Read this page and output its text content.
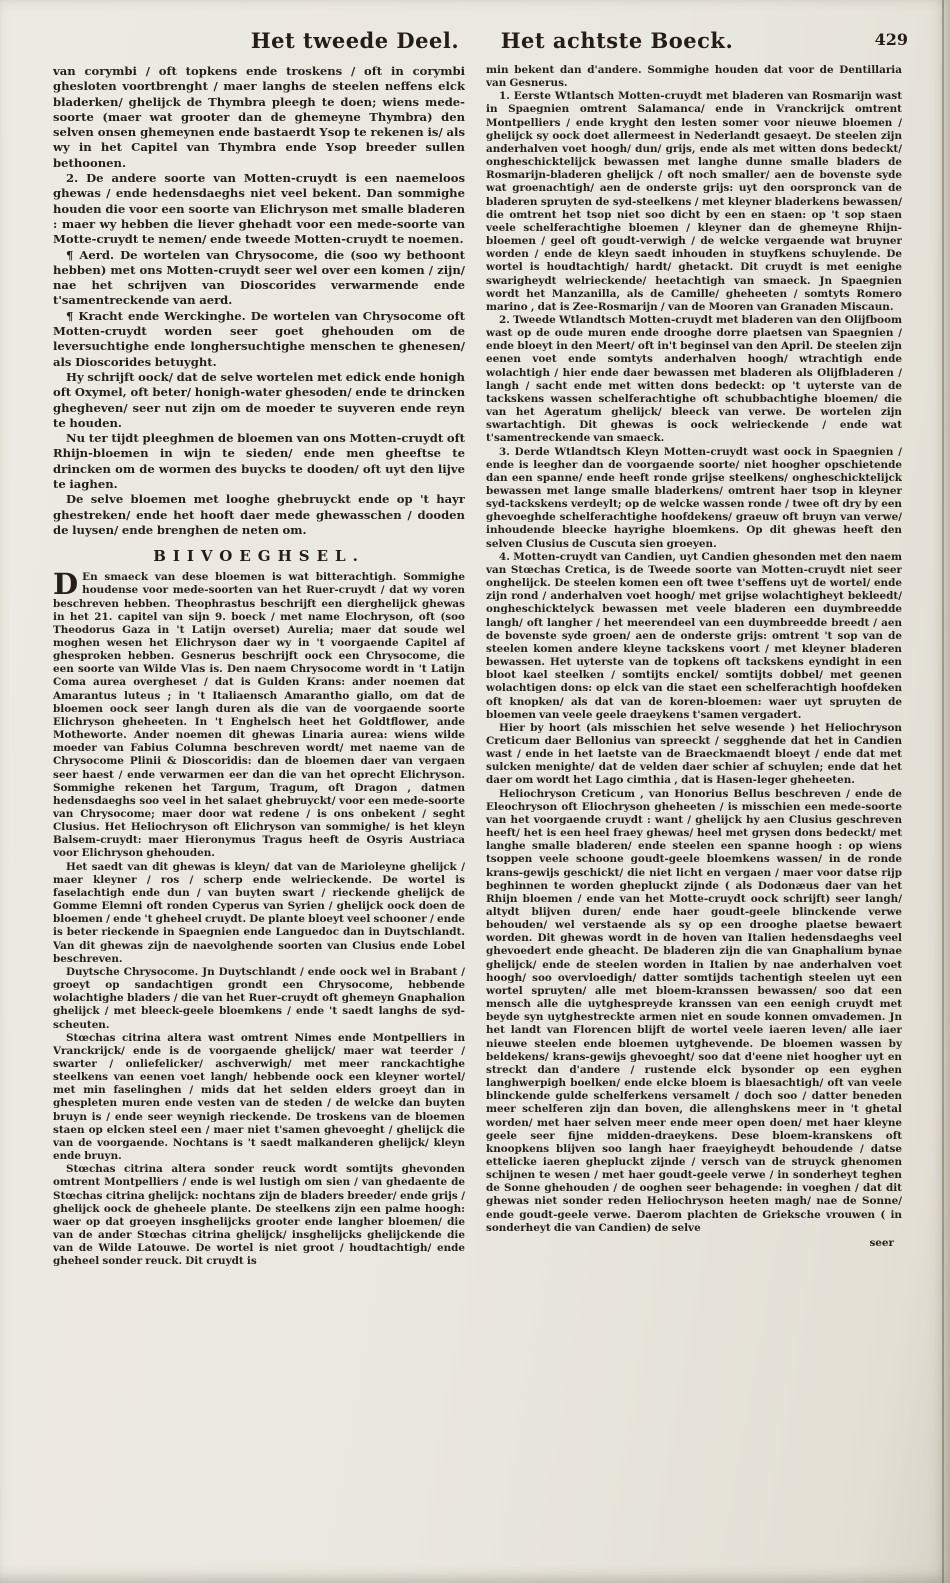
Het tweede Deel.	Het achtste Boeck.	429

van corymbi / oft topkens ende troskens / oft in corymbi ghesloten voortbrenght / maer langhs de steelen neffens elck bladerken/ ghelijck de Thymbra pleegh te doen; wiens mede-soorte (maer wat grooter dan de ghemeyne Thymbra) den selven onsen ghemeynen ende bastaerdt Ysop te rekenen is/ als wy in het Capitel van Thymbra ende Ysop breeder sullen bethoonen.

2. De andere soorte van Motten-cruydt is een naemeloos ghewas / ende hedensdaeghs niet veel bekent. Dan sommighe houden die voor een soorte van Elichryson met smalle bladeren : maer wy hebben die liever ghehadt voor een mede-soorte van Motte-cruydt te nemen/ ende tweede Motten-cruydt te noemen.

¶ Aerd. De wortelen van Chrysocome, die (soo wy bethoont hebben) met ons Motten-cruydt seer wel over een komen / zijn/ nae het schrijven van Dioscorides verwarmende ende t'samentreckende van aerd.

¶ Kracht ende Werckinghe. De wortelen van Chrysocome oft Motten-cruydt worden seer goet ghehouden om de leversuchtighe ende longhersuchtighe menschen te ghenesen/ als Dioscorides betuyght.

Hy schrijft oock/ dat de selve wortelen met edick ende honigh oft Oxymel, oft beter/ honigh-water ghesoden/ ende te drincken ghegheven/ seer nut zijn om de moeder te suyveren ende reyn te houden.

Nu ter tijdt pleeghmen de bloemen van ons Motten-cruydt oft Rhijn-bloemen in wijn te sieden/ ende men gheeftse te drincken om de wormen des buycks te dooden/ oft uyt den lijve te iaghen.

De selve bloemen met looghe ghebruyckt ende op 't hayr ghestreken/ ende het hooft daer mede ghewasschen / dooden de luysen/ ende brenghen de neten om.

BIIVOEGHSEL.

D En smaeck van dese bloemen is wat bitterachtigh. Sommighe houdense voor mede-soorten van het Ruer-cruydt / dat wy voren beschreven hebben. Theophrastus beschrijft een dierghelijck ghewas in het 21. capitel van sijn 9. boeck / met name Elochryson, oft (soo Theodorus Gaza in 't Latijn overset) Aurelia; maer dat soude wel moghen wesen het Elichryson daer wy in 't voorgaende Capitel af ghesproken hebben. Gesnerus beschrijft oock een Chrysocome, die een soorte van Wilde Vlas is. Den naem Chrysocome wordt in 't Latijn Coma aurea overgheset / dat is Gulden Krans: ander noemen dat Amarantus luteus ; in 't Italiaensch Amarantho giallo, om dat de bloemen oock seer langh duren als die van de voorgaende soorte Elichryson gheheeten. In 't Enghelsch heet het Goldtflower, ande Motheworte. Ander noemen dit ghewas Linaria aurea: wiens wilde moeder van Fabius Columna beschreven wordt/ met naeme van de Chrysocome Plinii & Dioscoridis: dan de bloemen daer van vergaen seer haest / ende verwarmen eer dan die van het oprecht Elichryson. Sommighe rekenen het Targum, Tragum, oft Dragon , datmen hedensdaeghs soo veel in het salaet ghebruyckt/ voor een mede-soorte van Chrysocome; maer door wat redene / is ons onbekent / seght Clusius. Het Heliochryson oft Elichryson van sommighe/ is het kleyn Balsem-cruydt: maer Hieronymus Tragus heeft de Osyris Austriaca voor Elichryson ghehouden.

Het saedt van dit ghewas is kleyn/ dat van de Marioleyne ghelijck / maer kleyner / ros / scherp ende welrieckende. De wortel is faselachtigh ende dun / van buyten swart / rieckende ghelijck de Gomme Elemni oft ronden Cyperus van Syrien / ghelijck oock doen de bloemen / ende 't gheheel cruydt. De plante bloeyt veel schooner / ende is beter rieckende in Spaegnien ende Languedoc dan in Duytschlandt. Van dit ghewas zijn de naevolghende soorten van Clusius ende Lobel beschreven.

Duytsche Chrysocome. Jn Duytschlandt / ende oock wel in Brabant / groeyt op sandachtigen grondt een Chrysocome, hebbende wolachtighe bladers / die van het Ruer-cruydt oft ghemeyn Gnaphalion ghelijck / met bleeck-geele bloemkens / ende 't saedt langhs de syd-scheuten.

Stœchas citrina altera wast omtrent Nimes ende Montpelliers in Vranckrijck/ ende is de voorgaende ghelijck/ maer wat teerder / swarter / onliefelicker/ aschverwigh/ met meer ranckachtighe steelkens van eenen voet langh/ hebbende oock een kleyner wortel/ met min faselinghen / mids dat het selden elders groeyt dan in ghespleten muren ende vesten van de steden / de welcke dan buyten bruyn is / ende seer weynigh rieckende. De troskens van de bloemen staen op elcken steel een / maer niet t'samen ghevoeght / ghelijck die van de voorgaende. Nochtans is 't saedt malkanderen ghelijck/ kleyn ende bruyn.

Stœchas citrina altera sonder reuck wordt somtijts ghevonden omtrent Montpelliers / ende is wel lustigh om sien / van ghedaente de Stœchas citrina ghelijck: nochtans zijn de bladers breeder/ ende grijs / ghelijck oock de gheheele plante. De steelkens zijn een palme hoogh: waer op dat groeyen insghelijcks grooter ende langher bloemen/ die van de ander Stœchas citrina ghelijck/ insghelijcks ghelijckende die van de Wilde Latouwe. De wortel is niet groot / houdtachtigh/ ende gheheel sonder reuck. Dit cruydt is

min bekent dan d'andere. Sommighe houden dat voor de Dentillaria van Gesnerus.

1. Eerste Wtlantsch Motten-cruydt met bladeren van Rosmarijn wast in Spaegnien omtrent Salamanca/ ende in Vranckrijck omtrent Montpelliers / ende kryght den lesten somer voor nieuwe bloemen / ghelijck sy oock doet allermeest in Nederlandt gesaeyt. De steelen zijn anderhalven voet hoogh/ dun/ grijs, ende als met witten dons bedeckt/ ongheschicktelijck bewassen met langhe dunne smalle bladers de Rosmarijn-bladeren ghelijck / oft noch smaller/ aen de bovenste syde wat groenachtigh/ aen de onderste grijs: uyt den oorspronck van de bladeren spruyten de syd-steelkens / met kleyner bladerkens bewassen/ die omtrent het tsop niet soo dicht by een en staen: op 't sop staen veele schelferachtighe bloemen / kleyner dan de ghemeyne Rhijn-bloemen / geel oft goudt-verwigh / de welcke vergaende wat bruyner worden / ende de kleyn saedt inhouden in stuyfkens schuylende. De wortel is houdtachtigh/ hardt/ ghetackt. Dit cruydt is met eenighe swarigheydt welrieckende/ heetachtigh van smaeck. Jn Spaegnien wordt het Manzanilla, als de Camille/ gheheeten / somtyts Romero marino , dat is Zee-Rosmarijn / van de Mooren van Granaden Miscaun.

2. Tweede Wtlandtsch Motten-cruydt met bladeren van den Olijfboom wast op de oude muren ende drooghe dorre plaetsen van Spaegnien / ende bloeyt in den Meert/ oft in't beginsel van den April. De steelen zijn eenen voet ende somtyts anderhalven hoogh/ wtrachtigh ende wolachtigh / hier ende daer bewassen met bladeren als Olijfbladeren / langh / sacht ende met witten dons bedeckt: op 't uyterste van de tackskens wassen schelferachtighe oft schubbachtighe bloemen/ die van het Ageratum ghelijck/ bleeck van verwe. De wortelen zijn swartachtigh. Dit ghewas is oock welrieckende / ende wat t'samentreckende van smaeck.

3. Derde Wtlandtsch Kleyn Motten-cruydt wast oock in Spaegnien / ende is leegher dan de voorgaende soorte/ niet hoogher opschietende dan een spanne/ ende heeft ronde grijse steelkens/ ongheschicktelijck bewassen met lange smalle bladerkens/ omtrent haer tsop in kleyner syd-tackskens verdeylt; op de welcke wassen ronde / twee oft dry by een ghevoeghde schelferachtighe hoofdekens/ graeuw oft bruyn van verwe/ inhoudende bleecke hayrighe bloemkens. Op dit ghewas heeft den selven Clusius de Cuscuta sien groeyen.

4. Motten-cruydt van Candien, uyt Candien ghesonden met den naem van Stœchas Cretica, is de Tweede soorte van Motten-cruydt niet seer onghelijck. De steelen komen een oft twee t'seffens uyt de wortel/ ende zijn rond / anderhalven voet hoogh/ met grijse wolachtigheyt bekleedt/ ongheschicktelyck bewassen met veele bladeren een duymbreedde langh/ oft langher / het meerendeel van een duymbreedde breedt / aen de bovenste syde groen/ aen de onderste grijs: omtrent 't sop van de steelen komen andere kleyne tackskens voort / met kleyner bladeren bewassen. Het uyterste van de topkens oft tackskens eyndight in een bloot kael steelken / somtijts enckel/ somtijts dobbel/ met geenen wolachtigen dons: op elck van die staet een schelferachtigh hoofdeken oft knopken/ als dat van de koren-bloemen: waer uyt spruyten de bloemen van veele geele draeykens t'samen vergadert.

Hier by hoort (als misschien het selve wesende ) het Heliochryson Creticum daer Bellonius van spreeckt / segghende dat het in Candien wast / ende in het laetste van de Braeckmaendt bloeyt / ende dat met sulcken menighte/ dat de velden daer schier af schuylen; ende dat het daer om wordt het Lago cimthia , dat is Hasen-leger gheheeten.

Heliochryson Creticum , van Honorius Bellus beschreven / ende de Eleochryson oft Eliochryson gheheeten / is misschien een mede-soorte van het voorgaende cruydt : want / ghelijck hy aen Clusius geschreven heeft/ het is een heel fraey ghewas/ heel met grysen dons bedeckt/ met langhe smalle bladeren/ ende steelen een spanne hoogh : op wiens tsoppen veele schoone goudt-geele bloemkens wassen/ in de ronde krans-gewijs geschickt/ die niet licht en vergaen / maer voor datse rijp beghinnen te worden ghepluckt zijnde ( als Dodonæus daer van het Rhijn bloemen / ende van het Motte-cruydt oock schrijft) seer langh/ altydt blijven duren/ ende haer goudt-geele blinckende verwe behouden/ wel verstaende als sy op een drooghe plaetse bewaert worden. Dit ghewas wordt in de hoven van Italien hedensdaeghs veel ghevoedert ende gheacht. De bladeren zijn die van Gnaphalium bynae ghelijck/ ende de steelen worden in Italien by nae anderhalven voet hoogh/ soo overvloedigh/ datter somtijds tachentigh steelen uyt een wortel spruyten/ alle met bloem-kranssen bewassen/ soo dat een mensch alle die uytghespreyde kranssen van een eenigh cruydt met beyde syn uytghestreckte armen niet en soude konnen omvademen. Jn het landt van Florencen blijft de wortel veele iaeren leven/ alle iaer nieuwe steelen ende bloemen uytghevende. De bloemen wassen by beldekens/ krans-gewijs ghevoeght/ soo dat d'eene niet hoogher uyt en streckt dan d'andere / rustende elck bysonder op een eyghen langhwerpigh boelken/ ende elcke bloem is blaesachtigh/ oft van veele blinckende gulde schelferkens versamelt / doch soo / datter beneden meer schelferen zijn dan boven, die allenghskens meer in 't ghetal worden/ met haer selven meer ende meer open doen/ met haer kleyne geele seer fijne midden-draeykens. Dese bloem-kranskens oft knoopkens blijven soo langh haer fraeyigheydt behoudende / datse ettelicke iaeren ghepluckt zijnde / versch van de struyck ghenomen schijnen te wesen / met haer goudt-geele verwe / in sonderheyt teghen de Sonne ghehouden / de ooghen seer behagende: in voeghen / dat dit ghewas niet sonder reden Heliochryson heeten magh/ nae de Sonne/ ende goudt-geele verwe. Daerom plachten de Grieksche vrouwen ( in sonderheyt die van Candien) de selve

seer
